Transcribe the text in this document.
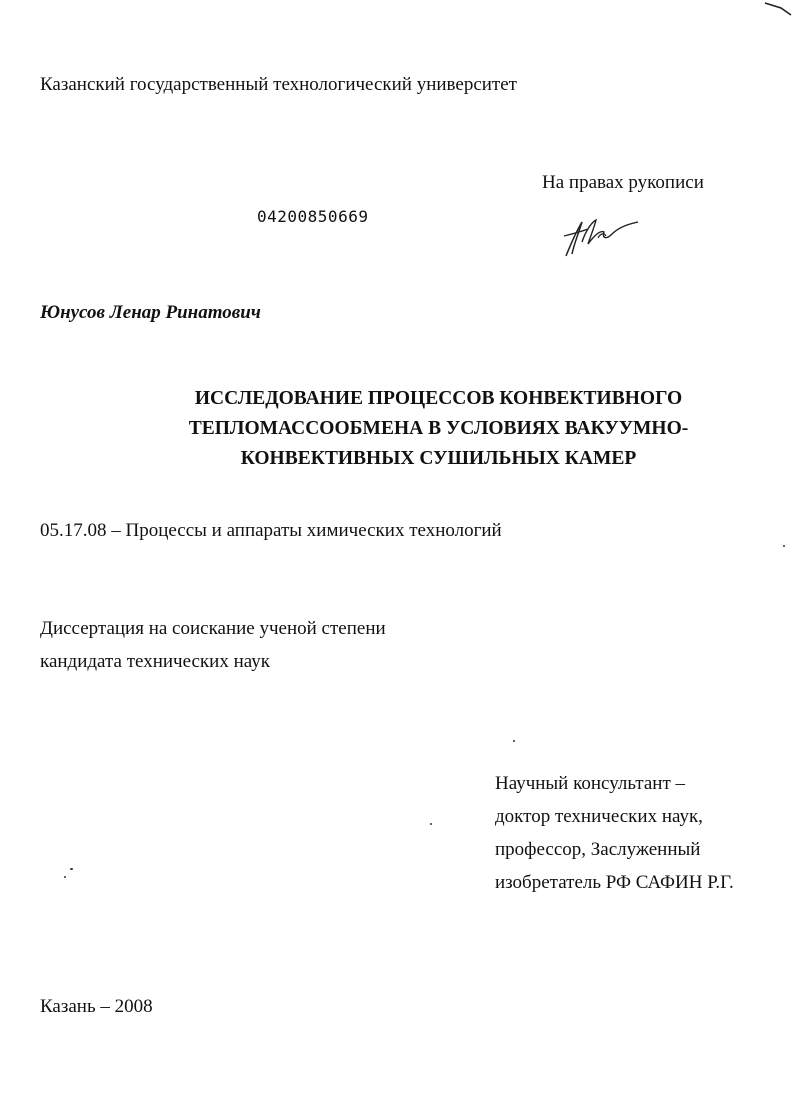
Казанский государственный технологический университет
На правах рукописи
04200850669
Юнусов Ленар Ринатович
ИССЛЕДОВАНИЕ ПРОЦЕССОВ КОНВЕКТИВНОГО
ТЕПЛОМАССООБМЕНА В УСЛОВИЯХ ВАКУУМНО-
КОНВЕКТИВНЫХ СУШИЛЬНЫХ КАМЕР
05.17.08 – Процессы и аппараты химических технологий
Диссертация на соискание ученой степени
кандидата технических наук
Научный консультант –
доктор технических наук,
профессор, Заслуженный
изобретатель РФ САФИН Р.Г.
Казань – 2008
